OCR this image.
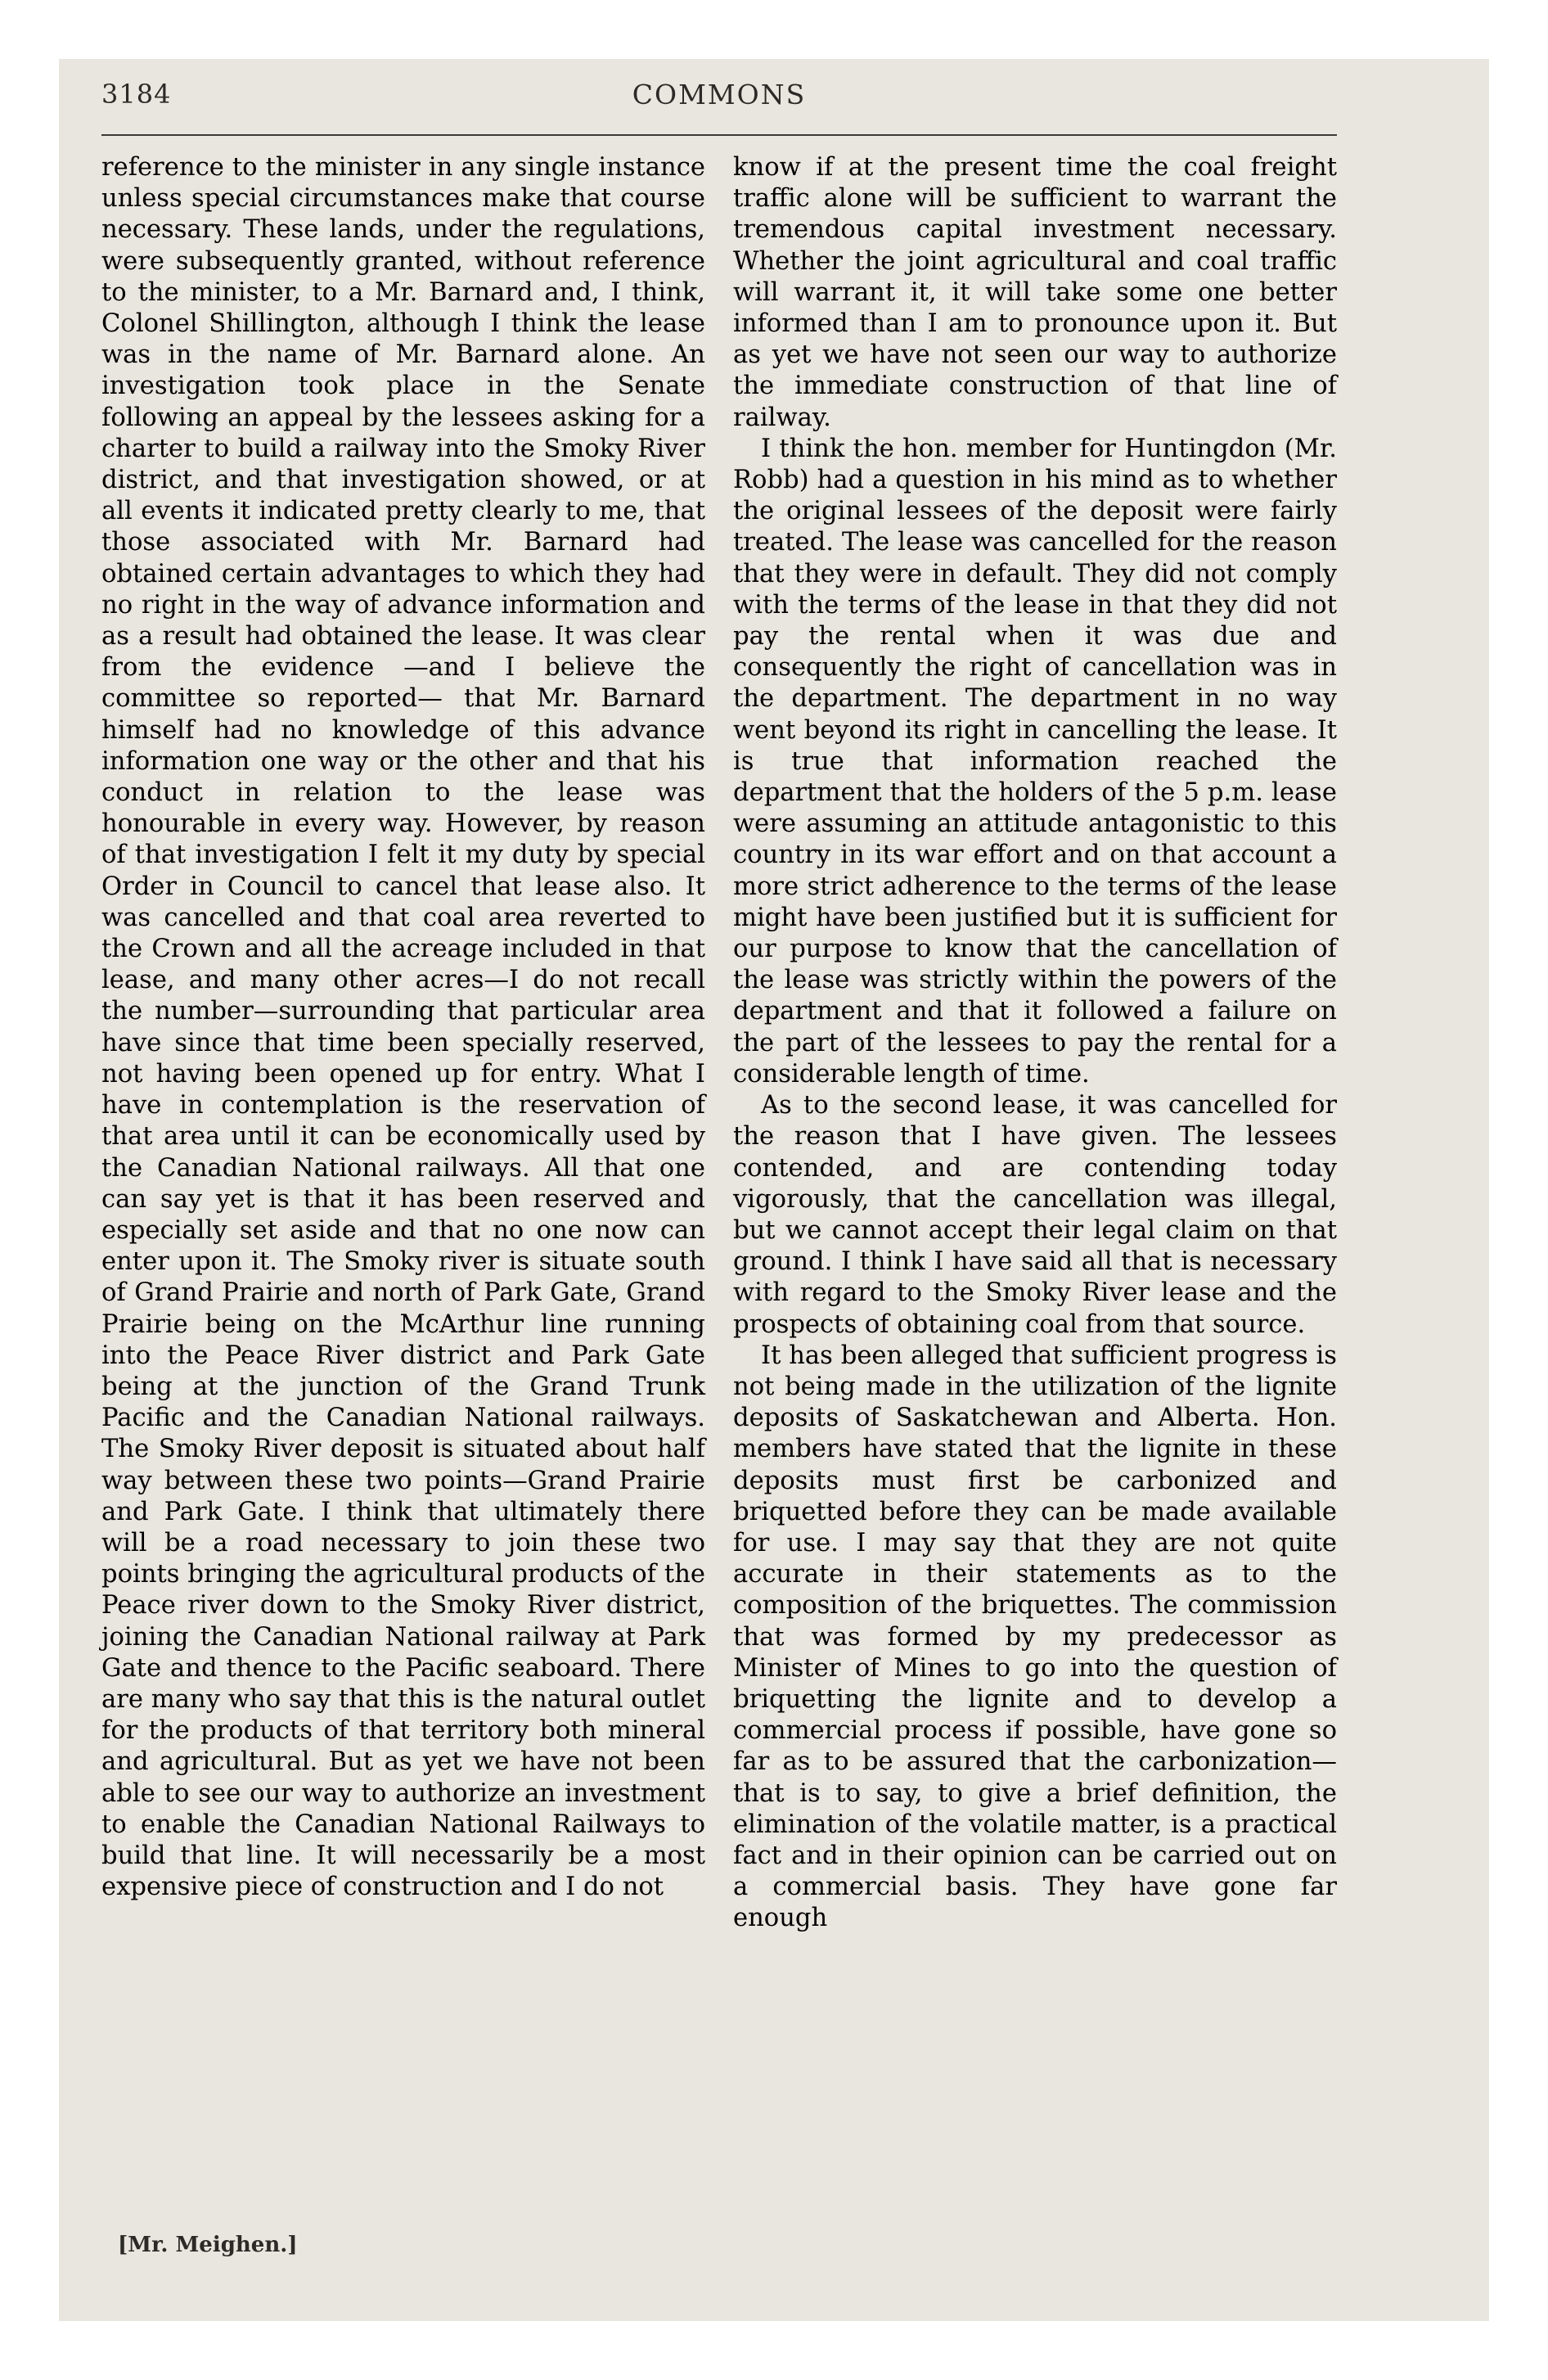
3184	COMMONS

reference to the minister in any single instance unless special circumstances make that course necessary. These lands, under the regulations, were subsequently granted, without reference to the minister, to a Mr. Barnard and, I think, Colonel Shillington, although I think the lease was in the name of Mr. Barnard alone. An investigation took place in the Senate following an appeal by the lessees asking for a charter to build a railway into the Smoky River district, and that investigation showed, or at all events it indicated pretty clearly to me, that those associated with Mr. Barnard had obtained certain advantages to which they had no right in the way of advance information and as a result had obtained the lease. It was clear from the evidence —and I believe the committee so reported— that Mr. Barnard himself had no knowledge of this advance information one way or the other and that his conduct in relation to the lease was honourable in every way. However, by reason of that investigation I felt it my duty by special Order in Council to cancel that lease also. It was cancelled and that coal area reverted to the Crown and all the acreage included in that lease, and many other acres—I do not recall the number—surrounding that particular area have since that time been specially reserved, not having been opened up for entry. What I have in contemplation is the reservation of that area until it can be economically used by the Canadian National railways. All that one can say yet is that it has been reserved and especially set aside and that no one now can enter upon it. The Smoky river is situate south of Grand Prairie and north of Park Gate, Grand Prairie being on the McArthur line running into the Peace River district and Park Gate being at the junction of the Grand Trunk Pacific and the Canadian National railways. The Smoky River deposit is situated about half way between these two points—Grand Prairie and Park Gate. I think that ultimately there will be a road necessary to join these two points bringing the agricultural products of the Peace river down to the Smoky River district, joining the Canadian National railway at Park Gate and thence to the Pacific seaboard. There are many who say that this is the natural outlet for the products of that territory both mineral and agricultural. But as yet we have not been able to see our way to authorize an investment to enable the Canadian National Railways to build that line. It will necessarily be a most expensive piece of construction and I do not

know if at the present time the coal freight traffic alone will be sufficient to warrant the tremendous capital investment necessary. Whether the joint agricultural and coal traffic will warrant it, it will take some one better informed than I am to pronounce upon it. But as yet we have not seen our way to authorize the immediate construction of that line of railway.

I think the hon. member for Huntingdon (Mr. Robb) had a question in his mind as to whether the original lessees of the deposit were fairly treated. The lease was cancelled for the reason that they were in default. They did not comply with the terms of the lease in that they did not pay the rental when it was due and consequently the right of cancellation was in the department. The department in no way went beyond its right in cancelling the lease. It is true that information reached the department that the holders of the 5 p.m. lease were assuming an attitude antagonistic to this country in its war effort and on that account a more strict adherence to the terms of the lease might have been justified but it is sufficient for our purpose to know that the cancellation of the lease was strictly within the powers of the department and that it followed a failure on the part of the lessees to pay the rental for a considerable length of time.

As to the second lease, it was cancelled for the reason that I have given. The lessees contended, and are contending today vigorously, that the cancellation was illegal, but we cannot accept their legal claim on that ground. I think I have said all that is necessary with regard to the Smoky River lease and the prospects of obtaining coal from that source.

It has been alleged that sufficient progress is not being made in the utilization of the lignite deposits of Saskatchewan and Alberta. Hon. members have stated that the lignite in these deposits must first be carbonized and briquetted before they can be made available for use. I may say that they are not quite accurate in their statements as to the composition of the briquettes. The commission that was formed by my predecessor as Minister of Mines to go into the question of briquetting the lignite and to develop a commercial process if possible, have gone so far as to be assured that the carbonization—that is to say, to give a brief definition, the elimination of the volatile matter, is a practical fact and in their opinion can be carried out on a commercial basis. They have gone far enough

[Mr. Meighen.]
